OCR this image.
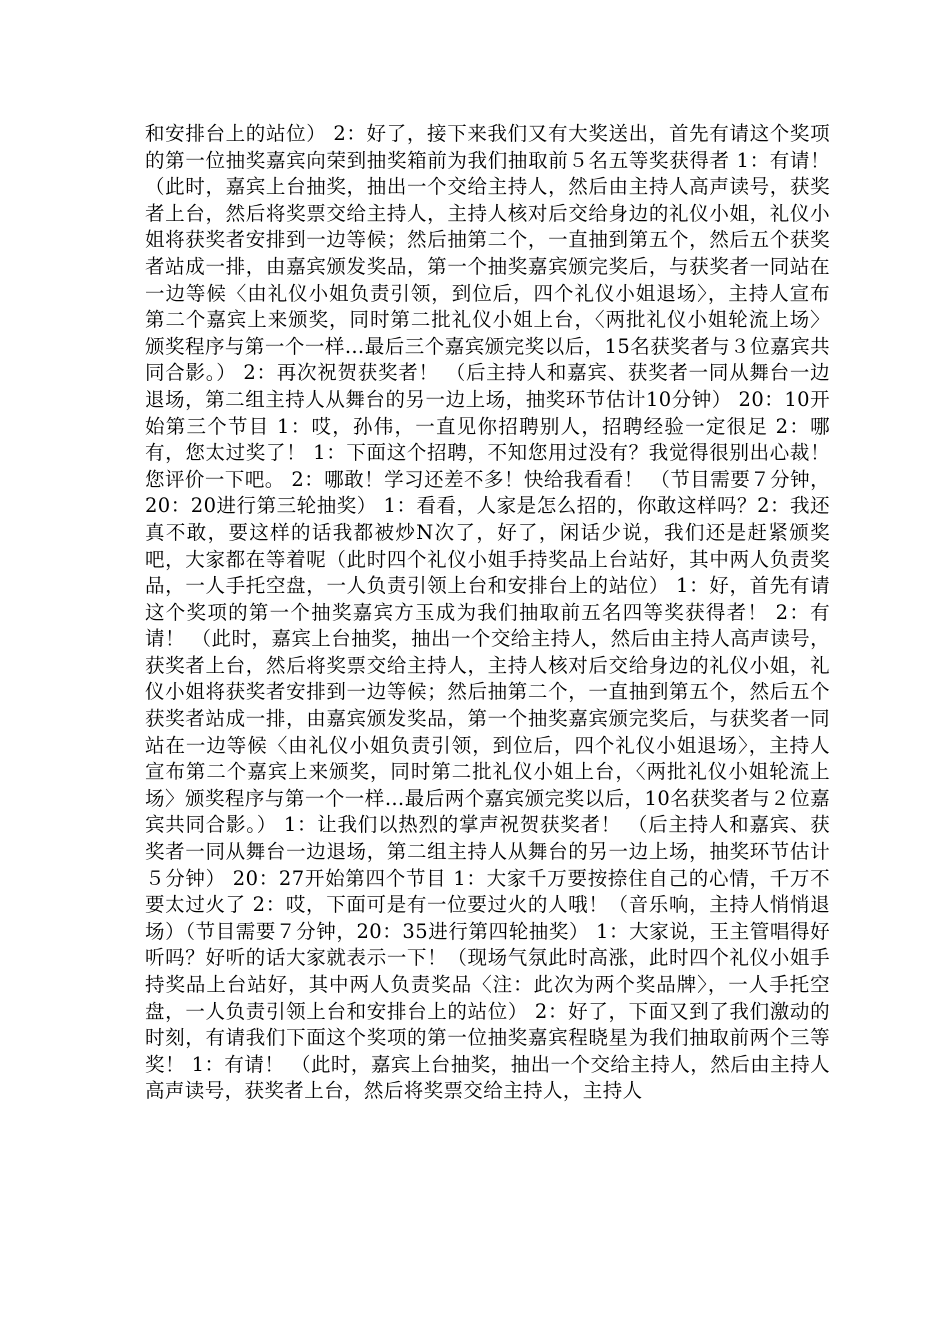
和安排台上的站位） 2：好了，接下来我们又有大奖送出，首先有请这个奖项的第一位抽奖嘉宾向荣到抽奖箱前为我们抽取前５名五等奖获得者 1：有请！ （此时，嘉宾上台抽奖，抽出一个交给主持人，然后由主持人高声读号，获奖者上台，然后将奖票交给主持人，主持人核对后交给身边的礼仪小姐，礼仪小姐将获奖者安排到一边等候；然后抽第二个，一直抽到第五个，然后五个获奖者站成一排，由嘉宾颁发奖品，第一个抽奖嘉宾颁完奖后，与获奖者一同站在一边等候〈由礼仪小姐负责引领，到位后，四个礼仪小姐退场〉，主持人宣布第二个嘉宾上来颁奖，同时第二批礼仪小姐上台，〈两批礼仪小姐轮流上场〉颁奖程序与第一个一样…最后三个嘉宾颁完奖以后，15名获奖者与３位嘉宾共同合影。） 2：再次祝贺获奖者！ （后主持人和嘉宾、获奖者一同从舞台一边退场，第二组主持人从舞台的另一边上场，抽奖环节估计10分钟） 20：10开始第三个节目 1：哎，孙伟，一直见你招聘别人，招聘经验一定很足 2：哪有，您太过奖了！ 1：下面这个招聘，不知您用过没有？我觉得很别出心裁！您评价一下吧。 2：哪敢！学习还差不多！快给我看看！ （节目需要７分钟，20：20进行第三轮抽奖） 1：看看，人家是怎么招的，你敢这样吗？2：我还真不敢，要这样的话我都被炒N次了，好了，闲话少说，我们还是赶紧颁奖吧，大家都在等着呢（此时四个礼仪小姐手持奖品上台站好，其中两人负责奖品，一人手托空盘，一人负责引领上台和安排台上的站位） 1：好，首先有请这个奖项的第一个抽奖嘉宾方玉成为我们抽取前五名四等奖获得者！ 2：有请！ （此时，嘉宾上台抽奖，抽出一个交给主持人，然后由主持人高声读号，获奖者上台，然后将奖票交给主持人，主持人核对后交给身边的礼仪小姐，礼仪小姐将获奖者安排到一边等候；然后抽第二个，一直抽到第五个，然后五个获奖者站成一排，由嘉宾颁发奖品，第一个抽奖嘉宾颁完奖后，与获奖者一同站在一边等候〈由礼仪小姐负责引领，到位后，四个礼仪小姐退场〉，主持人宣布第二个嘉宾上来颁奖，同时第二批礼仪小姐上台，〈两批礼仪小姐轮流上场〉颁奖程序与第一个一样…最后两个嘉宾颁完奖以后，10名获奖者与２位嘉宾共同合影。） 1：让我们以热烈的掌声祝贺获奖者！ （后主持人和嘉宾、获奖者一同从舞台一边退场，第二组主持人从舞台的另一边上场，抽奖环节估计５分钟） 20：27开始第四个节目 1：大家千万要按捺住自己的心情，千万不要太过火了 2：哎，下面可是有一位要过火的人哦！（音乐响，主持人悄悄退场）（节目需要７分钟，20：35进行第四轮抽奖） 1：大家说，王主管唱得好听吗？好听的话大家就表示一下！（现场气氛此时高涨，此时四个礼仪小姐手持奖品上台站好，其中两人负责奖品〈注：此次为两个奖品牌〉，一人手托空盘，一人负责引领上台和安排台上的站位） 2：好了，下面又到了我们激动的时刻，有请我们下面这个奖项的第一位抽奖嘉宾程晓星为我们抽取前两个三等奖！ 1：有请！ （此时，嘉宾上台抽奖，抽出一个交给主持人，然后由主持人高声读号，获奖者上台，然后将奖票交给主持人，主持人
